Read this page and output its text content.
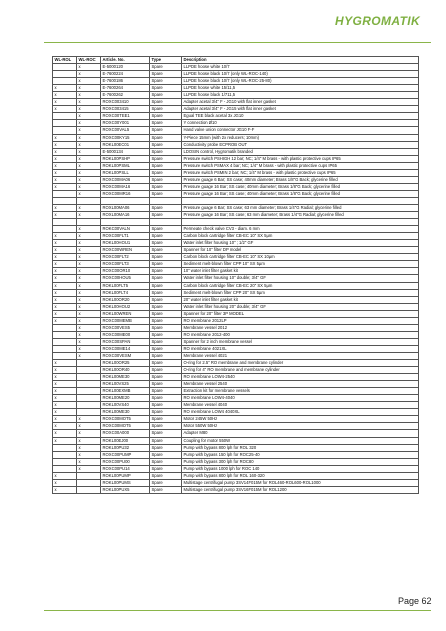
HYGROMATIK
WL-ROL	WL-ROC	Article. No.	Type	Description
	x	E-5000120	Spare	LLPDE hoose white 10/7
	x	E-7600224	Spare	LLPDE hoose black 10/7 (only WL-ROC-140)
	x	E-7600186	Spare	LLPDE hoose black 10/7 (only WL-ROC-25-80)
x	x	E-7600264	Spare	LLPDE hoose white 15/11,5
x	x	E-7600262	Spare	LLPDE hoose black 1/711,5
x	x	ROXC003410	Spare	Adapter acetal 3/4" F - JG10 with flat inner gasket
x	x	ROXC003415	Spare	Adapter acetal 3/4" F - JG15 with flat inner gasket
	x	ROXC00TEE1	Spare	Egual TEE black acetal 3x JG10
	x	ROXC00Y001	Spare	Y connection Ø10
	x	ROXC00VAL5	Spare	Hand valve union connector JG10 F-F
x	x	ROXC00KY15	Spare	Y-Piece 15mm (with 2x reducers; 10mm)
x	x	ROKL00EC01	Spare	Conductivity probe ECPROB OUT
x	x	E-5000134	Spare	LDOSIN control, Hygromatik branded
x	x	ROKL00PSHP	Spare	Pressure switch PSHIGH 12 bar; NC; 1/4" M brass - with plastic protective cups IP65
x	x	ROKL00PSML	Spare	Pressure switch PSMAX 4 bar; NC; 1/4" M brass - with plastic protective cups IP65
x	x	ROKL00PSLL	Spare	Pressure switch PSMIN 2 bar; NC; 1/4" M brass - with plastic protective cups IP65
x	x	ROXC00MA06	Spare	Pressure guage 6 Bar; SS case; 40mm diameter; Brass 1/8"G Back; glycerine filled
x	x	ROXC00MA16	Spare	Pressure guage 16 Bar; SS case; 40mm diameter; Brass 1/8"G Back; glycerine filled
	x	ROXC00MR16	Spare	Pressure guage 16 Bar; SS case; 40mm diameter; Brass 1/8"G Back; glycerine filled

x	x	ROXL00MA06	Spare	Pressure guage 6 Bar; SS case; 63 mm diameter; Brass 1/4"G Radial; glycerine filled
x	x	ROXL00MA16	Spare	Pressure guage 16 Bar; SS case; 63 mm diameter; Brass 1/4"G Radial; glycerine filled

	x	ROKC00VALN	Spare	Permeate check valve CV3 - diam. 6 mm
x	x	ROXC00FLT1	Spare	Carbon block cartridge filter CB-EC 10" SX 5µm
x	x	ROKL00HOU1	Spare	Water inlet filter housing 10" ; 1/2" GF
x	x	ROXC00WREN	Spare	Spanner for 10" filter DP model
x	x	ROXC00FLT2	Spare	Carbon block cartridge filter CB-EC 10" SX 10µm
x	x	ROXC00FLT3	Spare	Sediment melt-blown filter CPP 10" SX 5µm
x	x	ROXC00OR10	Spare	10" water inlet filter gasket kit
x	x	ROXC00HOU5	Spare	Water inlet filter housing 10" double; 3/4" GF
x	x	ROKL00FLT5	Spare	Carbon block cartridge filter CB-EC 20" SX 5µm
x	x	ROKL00FLT4	Spare	Sediment melt-blown filter CPP 20" SX 5µm
x	x	ROKL00OR20	Spare	20" water inlet filter gasket kit
x	x	ROKL00HOU2	Spare	Water inlet filter housing 20" double; 3/4" GF
x	x	ROKL00WREN	Spare	Spanner for 20" filter 3P MODEL
x	x	ROXC00MEMB	Spare	RO membrane 2012LP
	x	ROXC00VES5	Spare	Membrane vessel 2012
	x	ROXC00ME00	Spare	RO membrane 2012-400
	x	ROXC00SPAN	Spare	Spanner for 2 inch membrane vessel
	x	ROXC00ME14	Spare	RO membrane 4021XL
	x	ROXC00VESM	Spare	Membrane vessel 4021
x		ROKL00OR25	Spare	O-ring for 2.5" RO membrane and membrane cylinder
x		ROKL00OR40	Spare	O-ring for 4" RO membrane and membrane cylinder
x		ROKL00ME30	Spare	RO membrane LOW4-2540
x		ROKL00VS25	Spare	Membrane vessel 2540
x		ROKL00EXMB	Spare	Extraction kit for membrane vessels
x		ROKL00ME20	Spare	RO membrane LOW4-4040
x		ROKL00VS40	Spare	Membrane vessel 4040
x		ROKL00ME30	Spare	RO membrane LOW4 4040XL
x	x	ROXC00MOT5	Spare	Motor 245W 50Hz
x	x	ROXC00MOT5	Spare	Motor 550W 50Hz
x	x	ROXC00A000	Spare	Adapter M80
x	x	ROKL00EJ00	Spare	Coupling for motor 550W
	x	ROKL00PU32	Spare	Pump with bypass 800 lph for ROL 320
	x	ROXC00PUMP	Spare	Pump with bypass 150 lph for ROC25-40
	x	ROXC00PU00	Spare	Pump with bypass 300 lph for ROC80
	x	ROXC00PU14	Spare	Pump with bypass 1000 lph for ROC 140
x		ROKL00PUMP	Spare	Pump with bypass 800 lph for ROL 160-320
x		ROKL00PUMS	Spare	Multistage centrifugal pump 3SV14F015M for ROL460-ROL600-ROL1000
x		ROKL00PUX5	Spare	Multistage centrifugal pump 3SV16F015M for ROL1200
Page 62
